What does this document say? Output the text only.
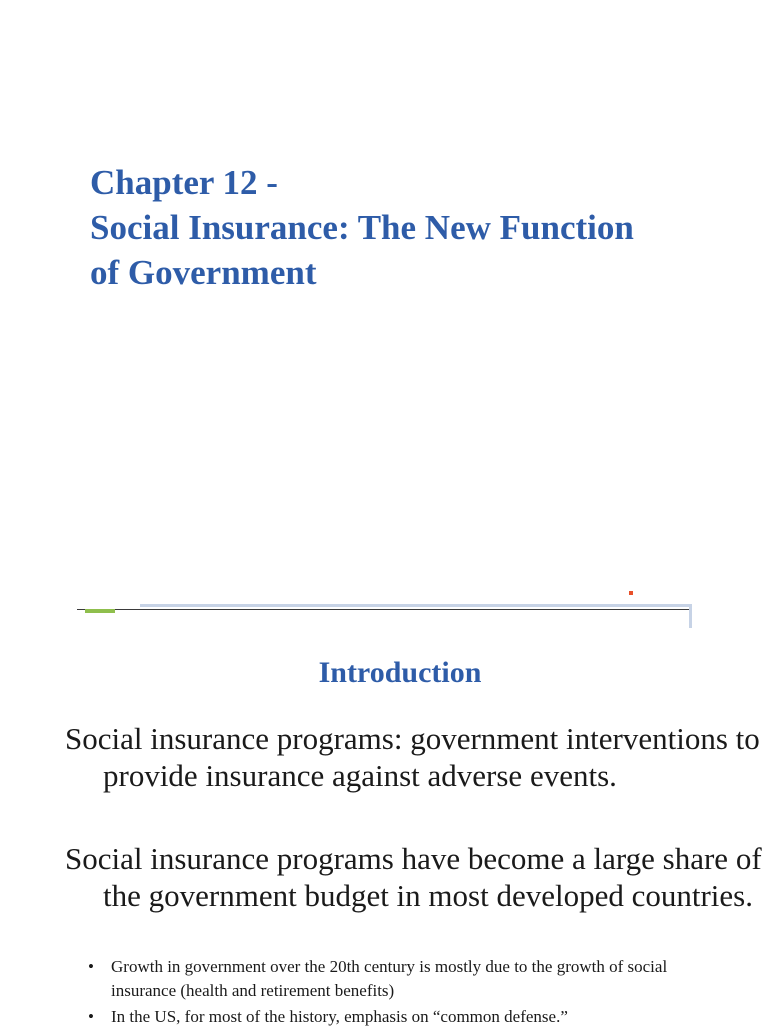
Chapter 12 -
Social Insurance: The New Function
of Government
Introduction

Social insurance programs: government interventions to provide insurance against adverse events.

Social insurance programs have become a large share of the government budget in most developed countries.

• Growth in government over the 20th century is mostly due to the growth of social insurance (health and retirement benefits)
• In the US, for most of the history, emphasis on “common defense.”
